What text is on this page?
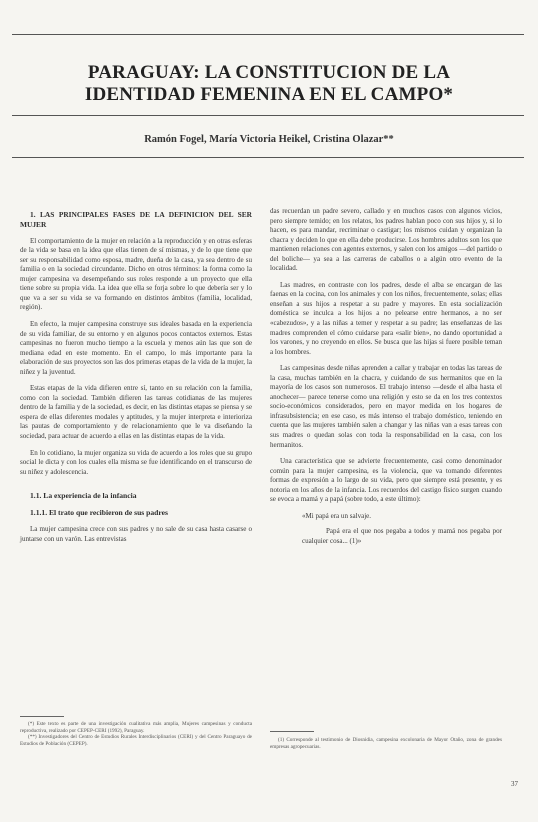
PARAGUAY: LA CONSTITUCION DE LA IDENTIDAD FEMENINA EN EL CAMPO*

Ramón Fogel, María Victoria Heikel, Cristina Olazar**

1. LAS PRINCIPALES FASES DE LA DEFINICION DEL SER MUJER

El comportamiento de la mujer en relación a la reproducción y en otras esferas de la vida se basa en la idea que ellas tienen de sí mismas, y de lo que tiene que ser su responsabilidad como esposa, madre, dueña de la casa, ya sea dentro de su familia o en la sociedad circundante. Dicho en otros términos: la forma como la mujer campesina va desempeñando sus roles responde a un proyecto que ella tiene sobre su propia vida. La idea que ella se forja sobre lo que debería ser y lo que va a ser su vida se va formando en distintos ámbitos (familia, localidad, región).

En efecto, la mujer campesina construye sus ideales basada en la experiencia de su vida familiar, de su entorno y en algunos pocos contactos externos. Estas campesinas no fueron mucho tiempo a la escuela y menos aún las que son de mediana edad en este momento. En el campo, lo más importante para la elaboración de sus proyectos son las dos primeras etapas de la vida de la mujer, la niñez y la juventud.

Estas etapas de la vida difieren entre sí, tanto en su relación con la familia, como con la sociedad. También difieren las tareas cotidianas de las mujeres dentro de la familia y de la sociedad, es decir, en las distintas etapas se piensa y se espera de ellas diferentes modales y aptitudes, y la mujer interpreta e interioriza las pautas de comportamiento y de relacionamiento que le va diseñando la sociedad, para actuar de acuerdo a ellas en las distintas etapas de la vida.

En lo cotidiano, la mujer organiza su vida de acuerdo a los roles que su grupo social le dicta y con los cuales ella misma se fue identificando en el transcurso de su niñez y adolescencia.

1.1. La experiencia de la infancia

1.1.1. El trato que recibieron de sus padres

La mujer campesina crece con sus padres y no sale de su casa hasta casarse o juntarse con un varón. Las entrevistas

das recuerdan un padre severo, callado y en muchos casos con algunos vicios, pero siempre temido; en los relatos, los padres hablan poco con sus hijos y, si lo hacen, es para mandar, recriminar o castigar; los mismos cuidan y organizan la chacra y deciden lo que en ella debe producirse. Los hombres adultos son los que mantienen relaciones con agentes externos, y salen con los amigos —del partido o del boliche— ya sea a las carreras de caballos o a algún otro evento de la localidad.

Las madres, en contraste con los padres, desde el alba se encargan de las faenas en la cocina, con los animales y con los niños, frecuentemente, solas; ellas enseñan a sus hijos a respetar a su padre y mayores. En esta socialización doméstica se inculca a los hijos a no pelearse entre hermanos, a no ser «cabezudos», y a las niñas a temer y respetar a su padre; las enseñanzas de las madres comprenden el cómo cuidarse para «salir bien», no dando oportunidad a los varones, y no creyendo en ellos. Se busca que las hijas si fuere posible teman a los hombres.

Las campesinas desde niñas aprenden a callar y trabajar en todas las tareas de la casa, muchas también en la chacra, y cuidando de sus hermanitos que en la mayoría de los casos son numerosos. El trabajo intenso —desde el alba hasta el anochecer— parece tenerse como una religión y esto se da en los tres contextos socio-económicos considerados, pero en mayor medida en los hogares de infrasubsistencia; en ese caso, es más intenso el trabajo doméstico, teniendo en cuenta que las mujeres también salen a changar y las niñas van a esas tareas con sus madres o quedan solas con toda la responsabilidad en la casa, con los hermanitos.

Una característica que se advierte frecuentemente, casi como denominador común para la mujer campesina, es la violencia, que va tomando diferentes formas de expresión a lo largo de su vida, pero que siempre está presente, y es notoria en los años de la infancia. Los recuerdos del castigo físico surgen cuando se evoca a mamá y a papá (sobre todo, a este último):

«Mi papá era un salvaje.

Papá era el que nos pegaba a todos y mamá nos pegaba por cualquier cosa... (1)»

(*) Este texto es parte de una investigación cualitativa más amplia, Mujeres campesinas y conducta reproductiva, realizado por CEPEP-CERI (1992), Paraguay.

(**) Investigadores del Centro de Estudios Rurales Interdisciplinarios (CERI) y del Centro Paraguayo de Estudios de Población (CEPEP).

(1) Corresponde al testimonio de Diosnidia, campesina excolonaria de Mayor Otaño, zona de grandes empresas agropecuarias.

37
